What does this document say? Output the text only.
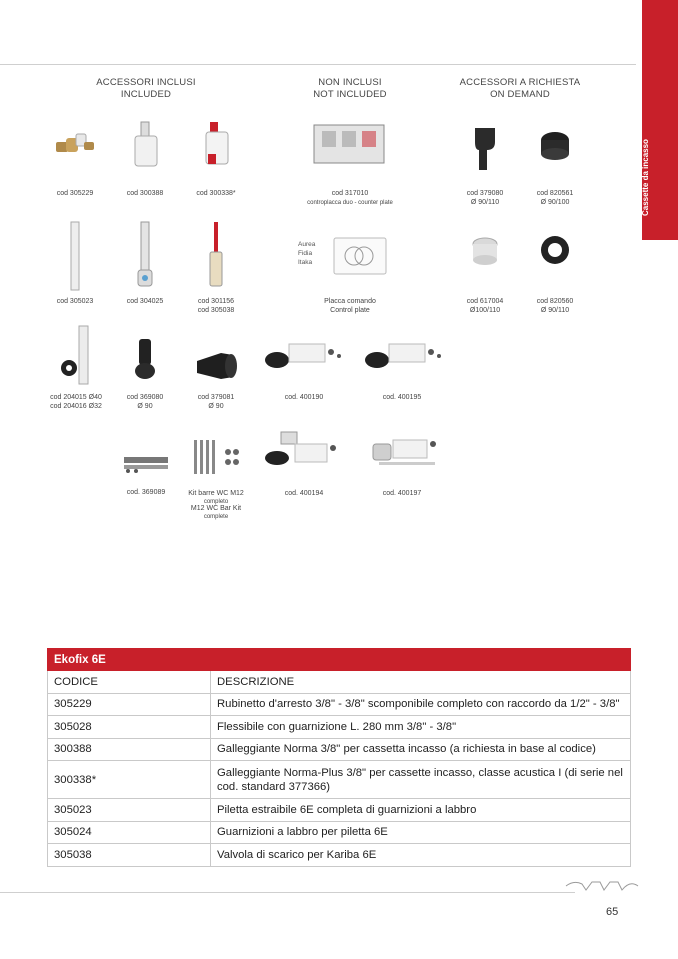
Cassette da incasso
ACCESSORI INCLUSI
INCLUDED
NON INCLUSI
NOT INCLUDED
ACCESSORI A RICHIESTA
ON DEMAND
cod 305229	cod 300388	cod 300338*	cod 317010
controplacca duo - counter plate
cod 379080
Ø 90/110
cod 820561
Ø 90/100
cod 305023	cod 304025	cod 301156
cod 305038
Aurea
Fidia
Itaka
Placca comando
Control plate
cod 617004
Ø100/110
cod 820560
Ø 90/110
cod 204015 Ø40
cod 204016 Ø32
cod 369080
Ø 90
cod 379081
Ø 90
cod. 400190	cod. 400195
cod. 369089	Kit barre WC M12
completo
M12 WC Bar Kit
complete
cod. 400194	cod. 400197
Ekofix 6E	
CODICE	DESCRIZIONE
305229	Rubinetto d'arresto 3/8" - 3/8" scomponibile completo con raccordo da 1/2" - 3/8"
305028	Flessibile con guarnizione L. 280 mm 3/8" - 3/8"
300388	Galleggiante Norma 3/8" per cassetta incasso (a richiesta in base al codice)
300338*	Galleggiante Norma-Plus 3/8" per cassette incasso, classe acustica I (di serie nel cod. standard 377366)
305023	Piletta estraibile 6E completa di guarnizioni a labbro
305024	Guarnizioni a labbro per piletta 6E
305038	Valvola di scarico per Kariba 6E
65
